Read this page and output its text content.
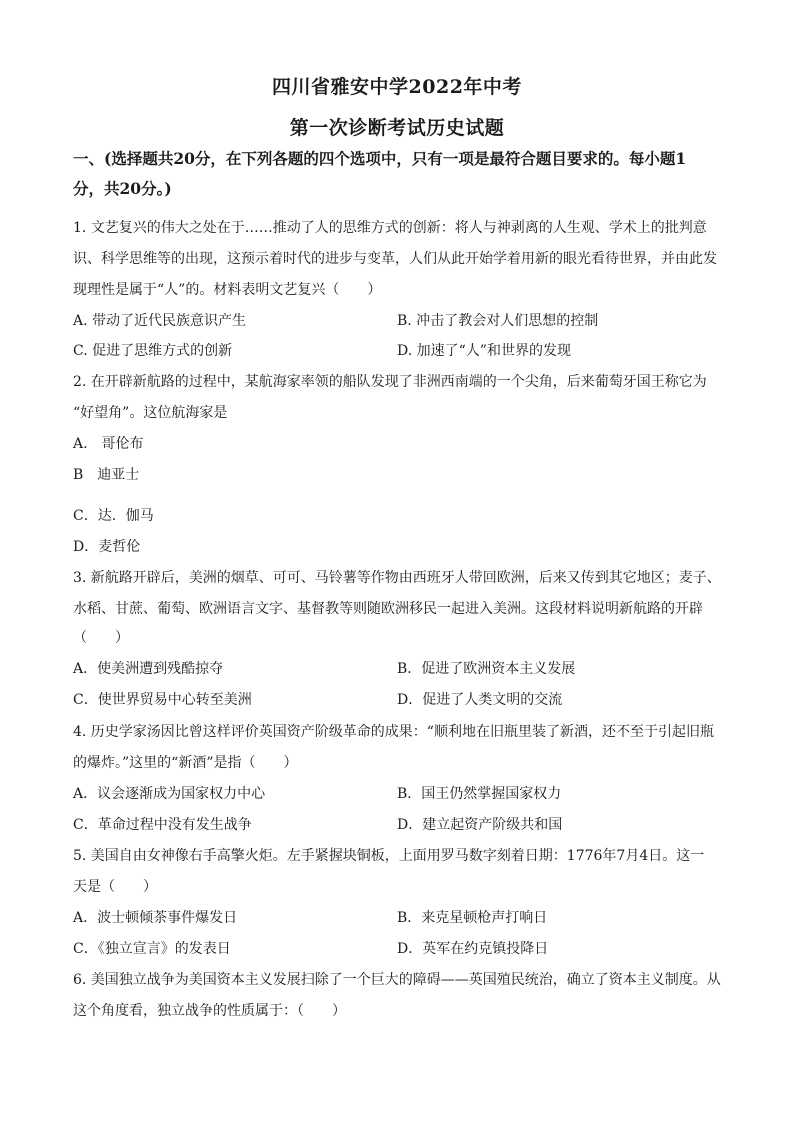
四川省雅安中学2022年中考
第一次诊断考试历史试题
一、(选择题共20分，在下列各题的四个选项中，只有一项是最符合题目要求的。每小题1
分，共20分。)
1. 文艺复兴的伟大之处在于……推动了人的思维方式的创新：将人与神剥离的人生观、学术上的批判意
识、科学思维等的出现，这预示着时代的进步与变革，人们从此开始学着用新的眼光看待世界，并由此发
现理性是属于“人”的。材料表明文艺复兴（　　）
A. 带动了近代民族意识产生	B. 冲击了教会对人们思想的控制
C. 促进了思维方式的创新	D. 加速了“人”和世界的发现
2. 在开辟新航路的过程中，某航海家率领的船队发现了非洲西南端的一个尖角，后来葡萄牙国王称它为
“好望角”。这位航海家是
A.　哥伦布
B　迪亚士
C．达．伽马
D．麦哲伦
3. 新航路开辟后，美洲的烟草、可可、马铃薯等作物由西班牙人带回欧洲，后来又传到其它地区；麦子、
水稻、甘蔗、葡萄、欧洲语言文字、基督教等则随欧洲移民一起进入美洲。这段材料说明新航路的开辟
（　　）
A．使美洲遭到残酷掠夺	B．促进了欧洲资本主义发展
C．使世界贸易中心转至美洲	D．促进了人类文明的交流
4. 历史学家汤因比曾这样评价英国资产阶级革命的成果：“顺利地在旧瓶里装了新酒，还不至于引起旧瓶
的爆炸。”这里的“新酒”是指（　　）
A．议会逐渐成为国家权力中心	B．国王仍然掌握国家权力
C．革命过程中没有发生战争	D．建立起资产阶级共和国
5. 美国自由女神像右手高擎火炬。左手紧握块铜板，上面用罗马数字刻着日期：1776年7月4日。这一
天是（　　）
A．波士顿倾茶事件爆发日	B．来克星顿枪声打响日
C．《独立宣言》的发表日	D．英军在约克镇投降日
6. 美国独立战争为美国资本主义发展扫除了一个巨大的障碍——英国殖民统治，确立了资本主义制度。从
这个角度看，独立战争的性质属于：（　　）
